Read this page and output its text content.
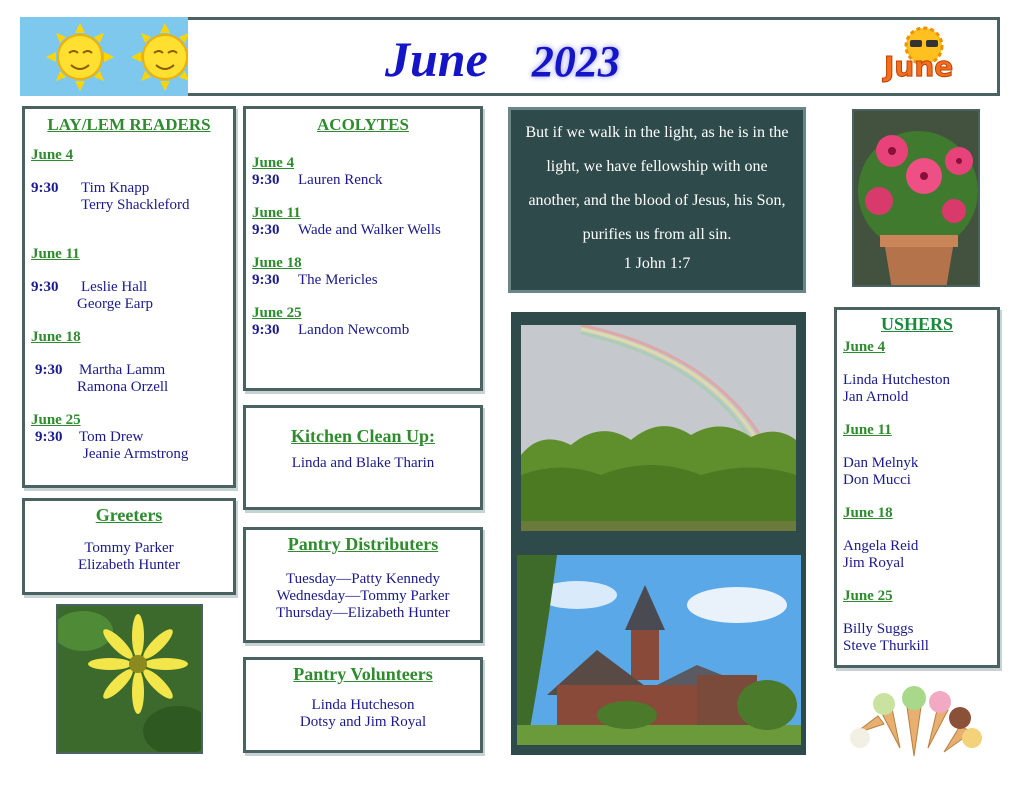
June 2023	June
LAY/LEM READERS
June 4
9:30 Tim Knapp
Terry Shackleford
June 11
9:30 Leslie Hall
George Earp
June 18
9:30 Martha Lamm
Ramona Orzell
June 25
9:30 Tom Drew
Jeanie Armstrong
ACOLYTES
June 4
9:30 Lauren Renck
June 11
9:30 Wade and Walker Wells
June 18
9:30 The Mericles
June 25
9:30 Landon Newcomb
But if we walk in the light, as he is in the light, we have fellowship with one another, and the blood of Jesus, his Son, purifies us from all sin.
1 John 1:7
USHERS
June 4
Linda Hutcheston
Jan Arnold
June 11
Dan Melnyk
Don Mucci
June 18
Angela Reid
Jim Royal
June 25
Billy Suggs
Steve Thurkill
Greeters
Tommy Parker
Elizabeth Hunter
Kitchen Clean Up:
Linda and Blake Tharin
Pantry Distributers
Tuesday—Patty Kennedy
Wednesday—Tommy Parker
Thursday—Elizabeth Hunter
Pantry Volunteers
Linda Hutcheson
Dotsy and Jim Royal
